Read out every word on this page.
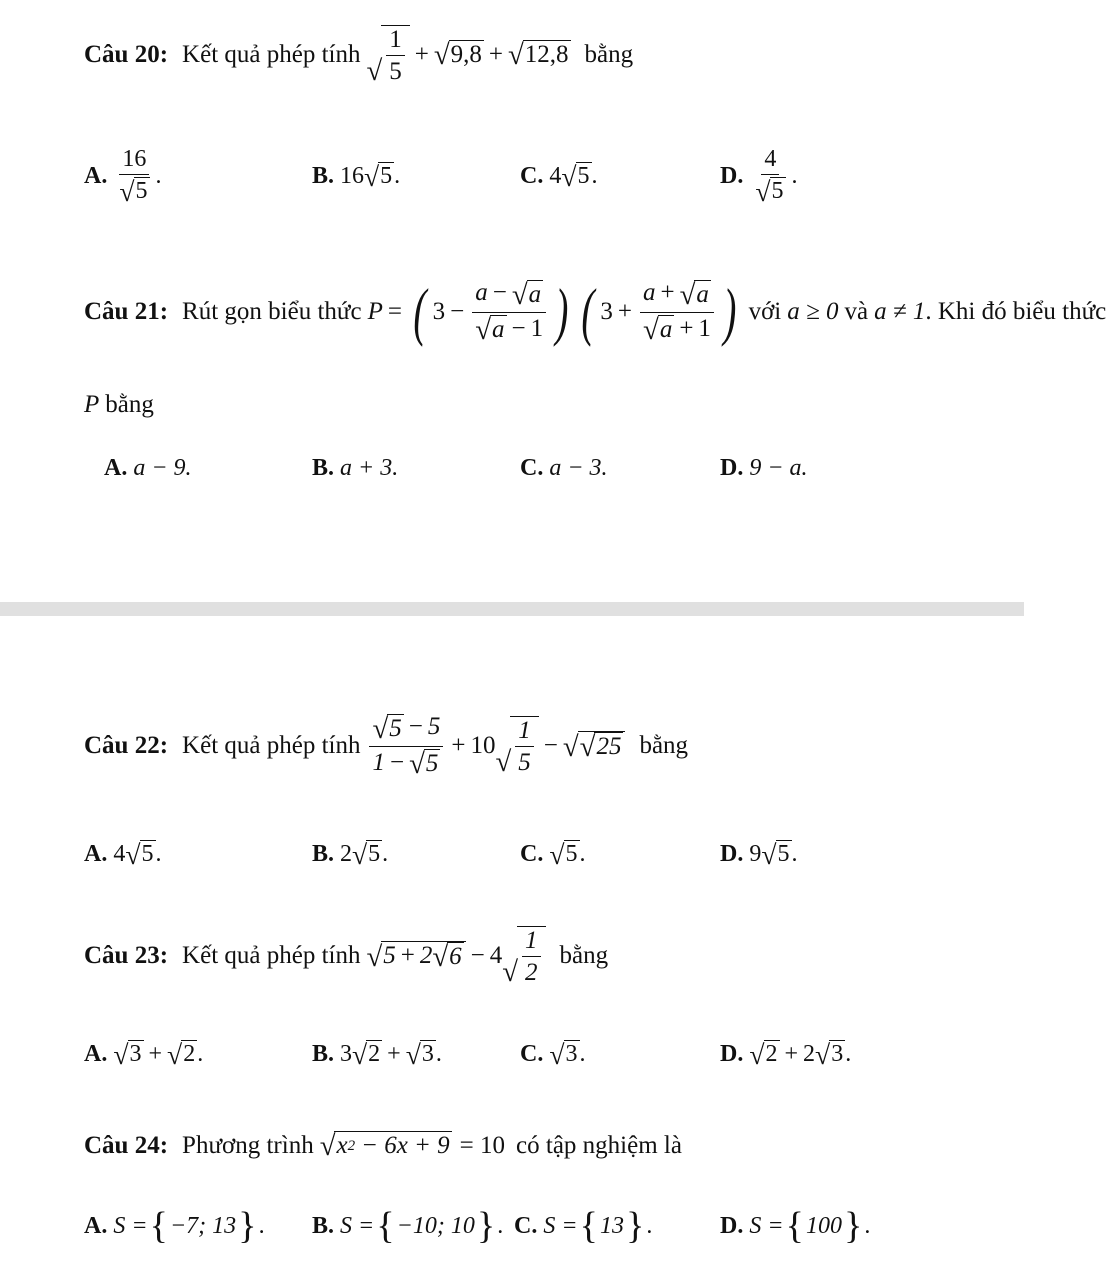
Câu 20: Kết quả phép tính
√ $\frac{1}{5}$ + √ 9,8 + √ 12,8 bằng
A. $\frac{16}{√ 5}$ .	B. 16 √ 5 .	C. 4 √ 5 .	D. $\frac{4}{√ 5}$ .
Câu 21: Rút gọn biểu thức P = ( $3 - \frac{a - √ a}{√ a - 1}$ ) ( $3 + \frac{a + √ a}{√ a + 1}$ ) với a ≥ 0 và a ≠ 1 . Khi đó biểu thức
P bằng
A. a − 9.	B. a + 3.	C. a − 3.	D. 9 − a.
Câu 22: Kết quả phép tính $\frac{√ 5 - 5}{1 - √ 5} + 10$
√ $\frac{1}{5}$ − √ √ 25 bằng
A. 4 √ 5 .	B. 2 √ 5 .	C. √ 5 .	D. 9 √ 5 .
Câu 23: Kết quả phép tính √ 5 + 2 √ 6 − 4
√ $\frac{1}{2}$ bằng
A. √ 3 + √ 2 .	B. 3 √ 2 + √ 3 .	C. √ 3 .	D. √ 2 + 2 √ 3 .
Câu 24: Phương trình √ x 2 − 6x + 9 = 10 có tập nghiệm là
A. S = { −7; 13 } . B. S = { −10; 10 } . C. S = { 13 } .	D. S = { 100 } .
